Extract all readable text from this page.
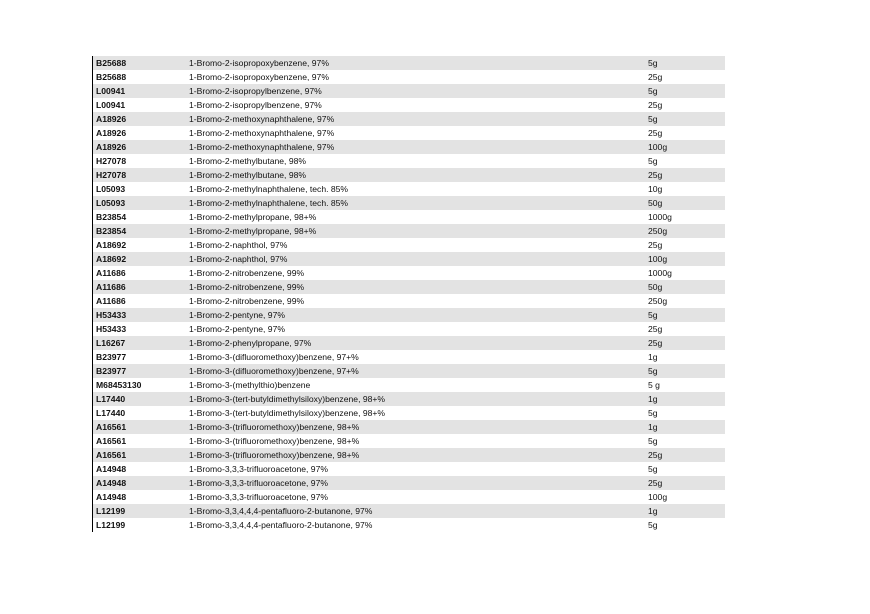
B25688	1-Bromo-2-isopropoxybenzene, 97%	5g
B25688	1-Bromo-2-isopropoxybenzene, 97%	25g
L00941	1-Bromo-2-isopropylbenzene, 97%	5g
L00941	1-Bromo-2-isopropylbenzene, 97%	25g
A18926	1-Bromo-2-methoxynaphthalene, 97%	5g
A18926	1-Bromo-2-methoxynaphthalene, 97%	25g
A18926	1-Bromo-2-methoxynaphthalene, 97%	100g
H27078	1-Bromo-2-methylbutane, 98%	5g
H27078	1-Bromo-2-methylbutane, 98%	25g
L05093	1-Bromo-2-methylnaphthalene, tech. 85%	10g
L05093	1-Bromo-2-methylnaphthalene, tech. 85%	50g
B23854	1-Bromo-2-methylpropane, 98+%	1000g
B23854	1-Bromo-2-methylpropane, 98+%	250g
A18692	1-Bromo-2-naphthol, 97%	25g
A18692	1-Bromo-2-naphthol, 97%	100g
A11686	1-Bromo-2-nitrobenzene, 99%	1000g
A11686	1-Bromo-2-nitrobenzene, 99%	50g
A11686	1-Bromo-2-nitrobenzene, 99%	250g
H53433	1-Bromo-2-pentyne, 97%	5g
H53433	1-Bromo-2-pentyne, 97%	25g
L16267	1-Bromo-2-phenylpropane, 97%	25g
B23977	1-Bromo-3-(difluoromethoxy)benzene, 97+%	1g
B23977	1-Bromo-3-(difluoromethoxy)benzene, 97+%	5g
M68453130	1-Bromo-3-(methylthio)benzene	5 g
L17440	1-Bromo-3-(tert-butyldimethylsiloxy)benzene, 98+%	1g
L17440	1-Bromo-3-(tert-butyldimethylsiloxy)benzene, 98+%	5g
A16561	1-Bromo-3-(trifluoromethoxy)benzene, 98+%	1g
A16561	1-Bromo-3-(trifluoromethoxy)benzene, 98+%	5g
A16561	1-Bromo-3-(trifluoromethoxy)benzene, 98+%	25g
A14948	1-Bromo-3,3,3-trifluoroacetone, 97%	5g
A14948	1-Bromo-3,3,3-trifluoroacetone, 97%	25g
A14948	1-Bromo-3,3,3-trifluoroacetone, 97%	100g
L12199	1-Bromo-3,3,4,4,4-pentafluoro-2-butanone, 97%	1g
L12199	1-Bromo-3,3,4,4,4-pentafluoro-2-butanone, 97%	5g
